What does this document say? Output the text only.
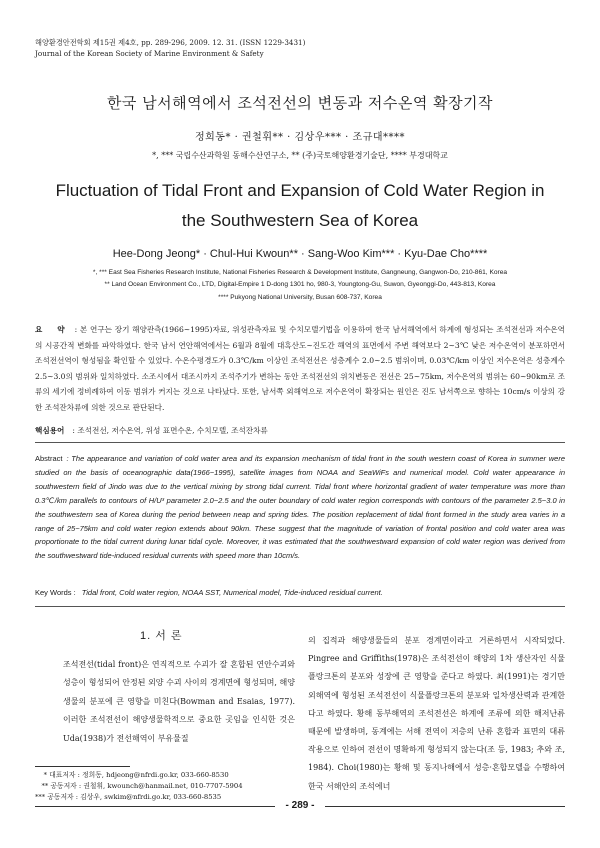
해양환경안전학회 제15권 제4호, pp. 289-296, 2009. 12. 31. (ISSN 1229-3431)
Journal of the Korean Society of Marine Environment & Safety
한국 남서해역에서 조석전선의 변동과 저수온역 확장기작
정희동* · 권철휘** · 김상우*** · 조규대****
*, *** 국립수산과학원 동해수산연구소, ** (주)국토해양환경기술단, **** 부경대학교
Fluctuation of Tidal Front and Expansion of Cold Water Region in
the Southwestern Sea of Korea
Hee-Dong Jeong* · Chul-Hui Kwoun** · Sang-Woo Kim*** · Kyu-Dae Cho****
*, *** East Sea Fisheries Research Institute, National Fisheries Research & Development Institute, Gangneung, Gangwon-Do, 210-861, Korea
** Land Ocean Environment Co., LTD, Digital-Empire 1 D-dong 1301 ho, 980-3, Youngtong-Gu, Suwon, Gyeonggi-Do, 443-813, Korea
**** Pukyong National University, Busan 608-737, Korea
요 약 : 본 연구는 장기 해양관측(1966~1995)자료, 위성관측자료 및 수치모델기법을 이용하여 한국 남서해역에서 하계에 형성되는 조석전선과 저수온역의 시공간적 변화를 파악하였다. 한국 남서 연안해역에서는 6월과 8월에 대흑산도~진도간 해역의 표면에서 주변 해역보다 2~3℃ 낮은 저수온역이 분포하면서 조석전선역이 형성됨을 확인할 수 있었다. 수온수평경도가 0.3℃/km 이상인 조석전선은 성층계수 2.0~2.5 범위이며, 0.03℃/km 이상인 저수온역은 성층계수 2.5~3.0의 범위와 일치하였다. 소조시에서 대조시까지 조석주기가 변하는 동안 조석전선의 위치변동은 전선은 25~75km, 저수온역의 범위는 60~90km로 조류의 세기에 정비례하여 이동 범위가 커지는 것으로 나타났다. 또한, 남서쪽 외해역으로 저수온역이 확장되는 원인은 진도 남서쪽으로 향하는 10cm/s 이상의 강한 조석잔차류에 의한 것으로 판단된다.
핵심용어 : 조석전선, 저수온역, 위성 표면수온, 수치모델, 조석잔차류
Abstract : The appearance and variation of cold water area and its expansion mechanism of tidal front in the south western coast of Korea in summer were studied on the basis of oceanographic data(1966~1995), satellite images from NOAA and SeaWiFs and numerical model. Cold water appearance in southwestern field of Jindo was due to the vertical mixing by strong tidal current. Tidal front where horizontal gradient of water temperature was more than 0.3℃/km parallels to contours of H/U³ parameter 2.0~2.5 and the outer boundary of cold water region corresponds with contours of the parameter 2.5~3.0 in the southwestern sea of Korea during the period between neap and spring tides. The position replacement of tidal front formed in the study area varies in a range of 25~75km and cold water region extends about 90km. These suggest that the magnitude of variation of frontal position and cold water area was proportionate to the tidal current during lunar tidal cycle. Moreover, it was estimated that the southwestward expansion of cold water region was derived from the southwestward tide-induced residual currents with speed more than 10cm/s.
Key Words : Tidal front, Cold water region, NOAA SST, Numerical model, Tide-induced residual current.
1. 서 론
조석전선(tidal front)은 연직적으로 수괴가 잘 혼합된 연안수괴와 성층이 형성되어 안정된 외양 수괴 사이의 경계면에 형성되며, 해양생물의 분포에 큰 영향을 미친다(Bowman and Esaias, 1977). 이러한 조석전선이 해양생물학적으로 중요한 곳임을 인식한 것은 Uda(1938)가 전선해역이 부유물질
의 집적과 해양생물들의 분포 경계면이라고 거론하면서 시작되었다. Pingree and Griffiths(1978)은 조석전선이 해양의 1차 생산자인 식물플랑크톤의 분포와 성장에 큰 영향을 준다고 하였다. 최(1991)는 경기만 외해역에 형성된 조석전선이 식물플랑크톤의 분포와 일차생산력과 관계한다고 하였다. 황해 동부해역의 조석전선은 하계에 조류에 의한 해저난류 때문에 발생하며, 동계에는 서해 전역이 저층의 난류 혼합과 표면의 대류작용으로 인하여 전선이 명확하게 형성되지 않는다(조 등, 1983; 추와 조, 1984). Choi(1980)는 황해 및 동지나해에서 성층·혼합모델을 수행하여 한국 서해안의 조석에너
* 대표저자 : 정희동, hdjeong@nfrdi.go.kr, 033-660-8530
** 공동저자 : 권철휘, kwounch@hanmail.net, 010-7707-5904
*** 공동저자 : 김상우, swkim@nfrdi.go.kr, 033-660-8535
- 289 -
